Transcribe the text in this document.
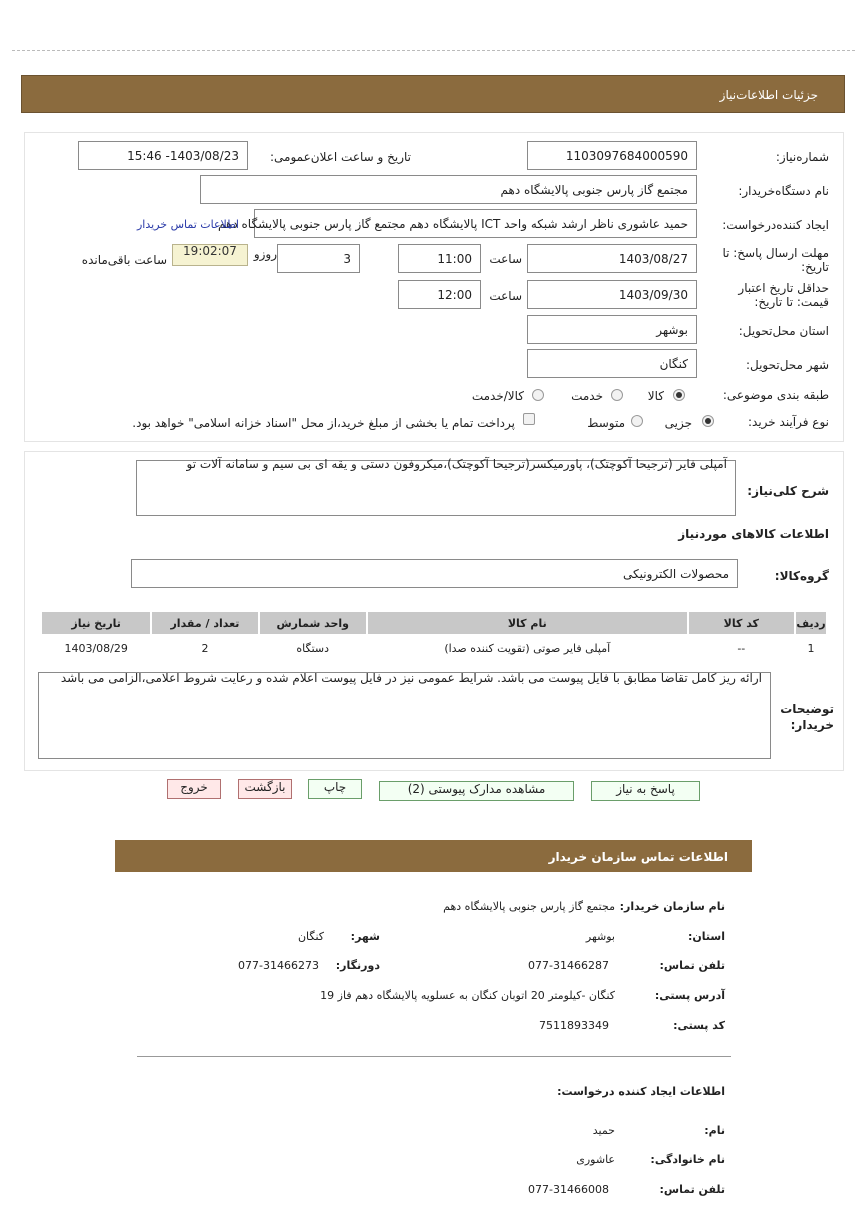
جزئیات اطلاعات‌نیاز
شماره‌نیاز:
1103097684000590
تاریخ و ساعت اعلان‌عمومی:
1403/08/23- 15:46
نام دستگاه‌خریدار:
مجتمع گاز پارس جنوبی پالایشگاه دهم
ایجاد کننده‌درخواست:
حمید عاشوری ناظر ارشد شبکه واحد ICT پالایشگاه دهم مجتمع گاز پارس جنوبی پالایشگاه دهم
اطلاعات تماس خریدار
مهلت ارسال پاسخ: تا تاریخ:
1403/08/27
ساعت
11:00
3
روزو
19:02:07
ساعت باقی‌مانده
حداقل تاریخ اعتبار قیمت: تا تاریخ:
1403/09/30
ساعت
12:00
استان محل‌تحویل:
بوشهر
شهر محل‌تحویل:
کنگان
طبقه بندی موضوعی:
کالا
خدمت
کالا/خدمت
نوع فرآیند خرید:
جزیی
متوسط
پرداخت تمام یا بخشی از مبلغ خرید،از محل "اسناد خزانه اسلامی" خواهد بود.
شرح کلی‌نیاز:
آمپلی فایر (ترجیحا آکوچتک)، پاورمیکسر(ترجیحا آکوچتک)،میکروفون دستی و یقه ای بی سیم و سامانه آلات تو
اطلاعات کالاهای موردنیاز
گروه‌کالا:
محصولات الکترونیکی
ردیف	کد کالا	نام کالا	واحد شمارش	تعداد / مقدار	تاریخ نیاز
1	--	آمپلی فایر صوتی (تقویت کننده صدا)	دستگاه	2	1403/08/29
توضیحات خریدار:
ارائه ریز کامل تقاضا مطابق با فایل پیوست می باشد. شرایط عمومی نیز در فایل پیوست اعلام شده و رعایت شروط اعلامی،الزامی می باشد
پاسخ به نیاز
مشاهده مدارک پیوستی (2)
چاپ
بازگشت
خروج
اطلاعات تماس سازمان خریدار
نام سازمان خریدار:
مجتمع گاز پارس جنوبی پالایشگاه دهم
استان:
بوشهر
شهر:
کنگان
تلفن تماس:
077-31466287
دورنگار:
077-31466273
آدرس پستی:
کنگان -کیلومتر 20 اتوبان کنگان به عسلویه پالایشگاه دهم فاز 19
کد پستی:
7511893349
اطلاعات ایجاد کننده درخواست:
نام:
حمید
نام خانوادگی:
عاشوری
تلفن تماس:
077-31466008
